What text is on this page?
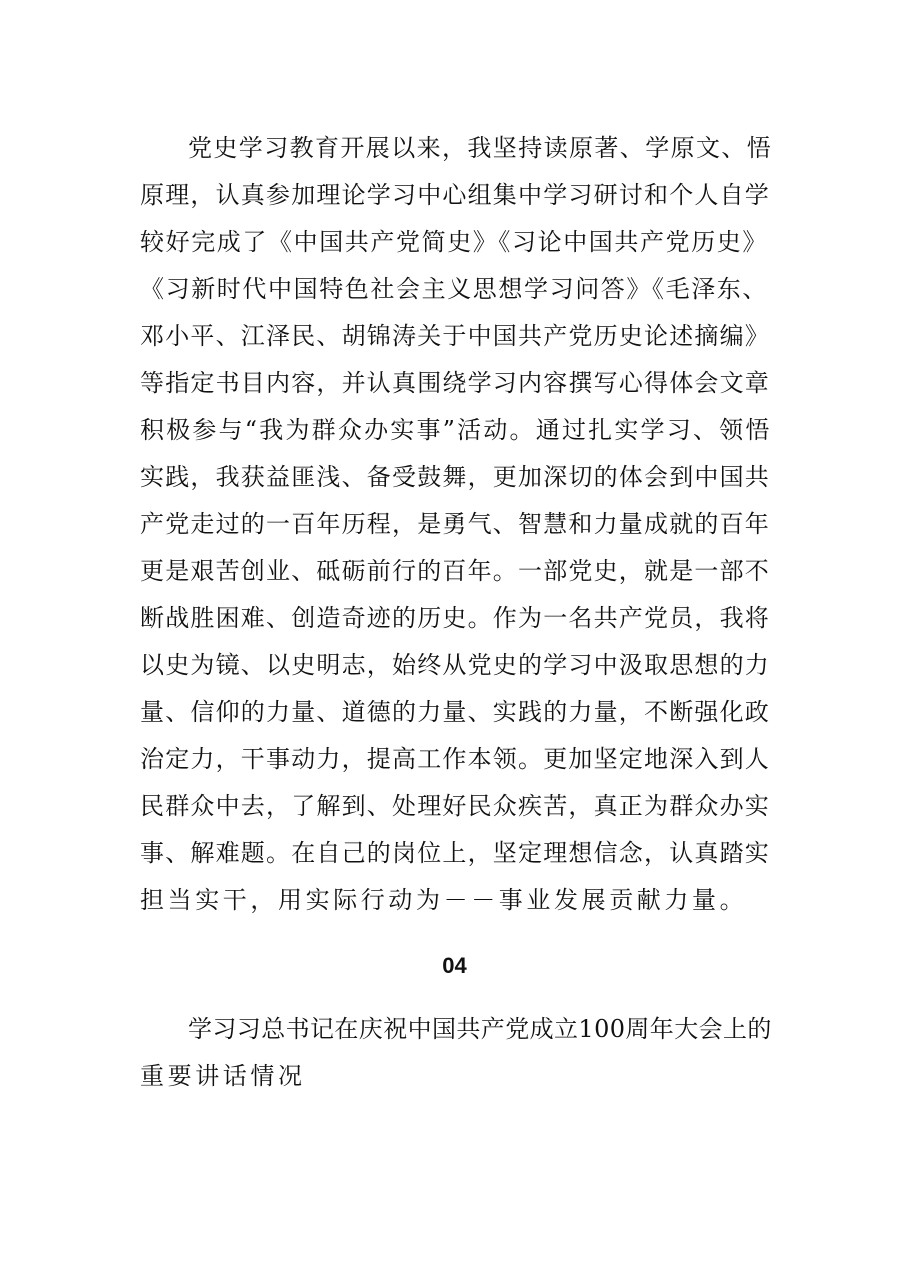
党史学习教育开展以来，我坚持读原著、学原文、悟
原理，认真参加理论学习中心组集中学习研讨和个人自学
较好完成了《中国共产党简史》《习论中国共产党历史》
《习新时代中国特色社会主义思想学习问答》《毛泽东、
邓小平、江泽民、胡锦涛关于中国共产党历史论述摘编》
等指定书目内容，并认真围绕学习内容撰写心得体会文章
积极参与“我为群众办实事”活动。通过扎实学习、领悟
实践，我获益匪浅、备受鼓舞，更加深切的体会到中国共
产党走过的一百年历程，是勇气、智慧和力量成就的百年
更是艰苦创业、砥砺前行的百年。一部党史，就是一部不
断战胜困难、创造奇迹的历史。作为一名共产党员，我将
以史为镜、以史明志，始终从党史的学习中汲取思想的力
量、信仰的力量、道德的力量、实践的力量，不断强化政
治定力，干事动力，提高工作本领。更加坚定地深入到人
民群众中去，了解到、处理好民众疾苦，真正为群众办实
事、解难题。在自己的岗位上，坚定理想信念，认真踏实
担当实干，用实际行动为－－事业发展贡献力量。
04
学习习总书记在庆祝中国共产党成立100周年大会上的
重要讲话情况
